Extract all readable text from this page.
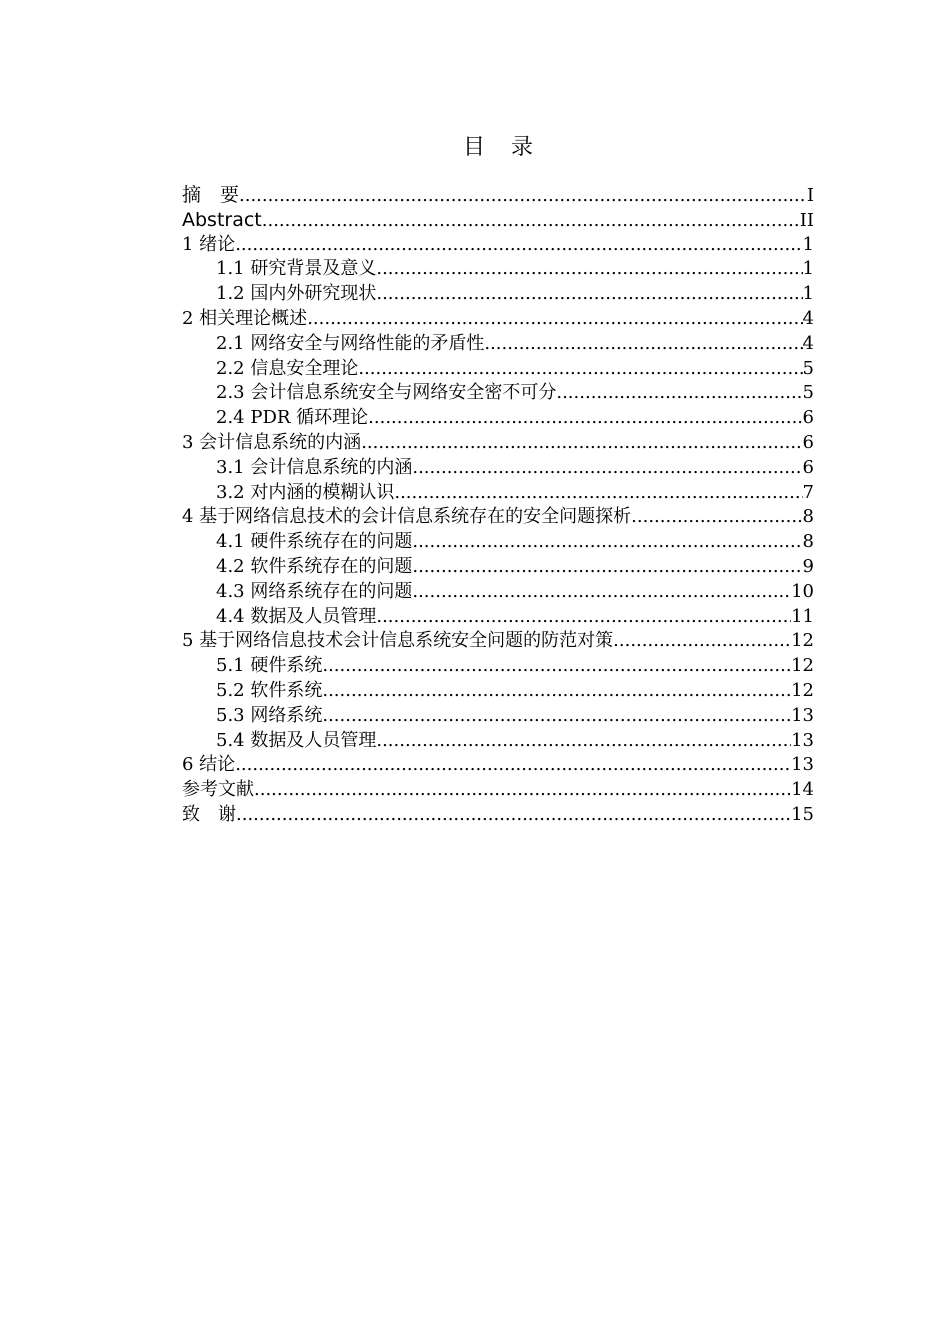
目　录
摘　要 .....	I
Abstract .....	II
1 绪论 .....	1
1.1 研究背景及意义 .....	1
1.2 国内外研究现状 .....	1
2 相关理论概述 .....	4
2.1 网络安全与网络性能的矛盾性 .....	4
2.2 信息安全理论 .....	5
2.3 会计信息系统安全与网络安全密不可分 .....	5
2.4 PDR 循环理论 .....	6
3 会计信息系统的内涵 .....	6
3.1 会计信息系统的内涵 .....	6
3.2 对内涵的模糊认识 .....	7
4 基于网络信息技术的会计信息系统存在的安全问题探析 .....	8
4.1 硬件系统存在的问题 .....	8
4.2 软件系统存在的问题 .....	9
4.3 网络系统存在的问题 .....	10
4.4 数据及人员管理 .....	11
5 基于网络信息技术会计信息系统安全问题的防范对策 .....	12
5.1 硬件系统 .....	12
5.2 软件系统 .....	12
5.3 网络系统 .....	13
5.4 数据及人员管理 .....	13
6 结论 .....	13
参考文献 .....	14
致　谢 .....	15
